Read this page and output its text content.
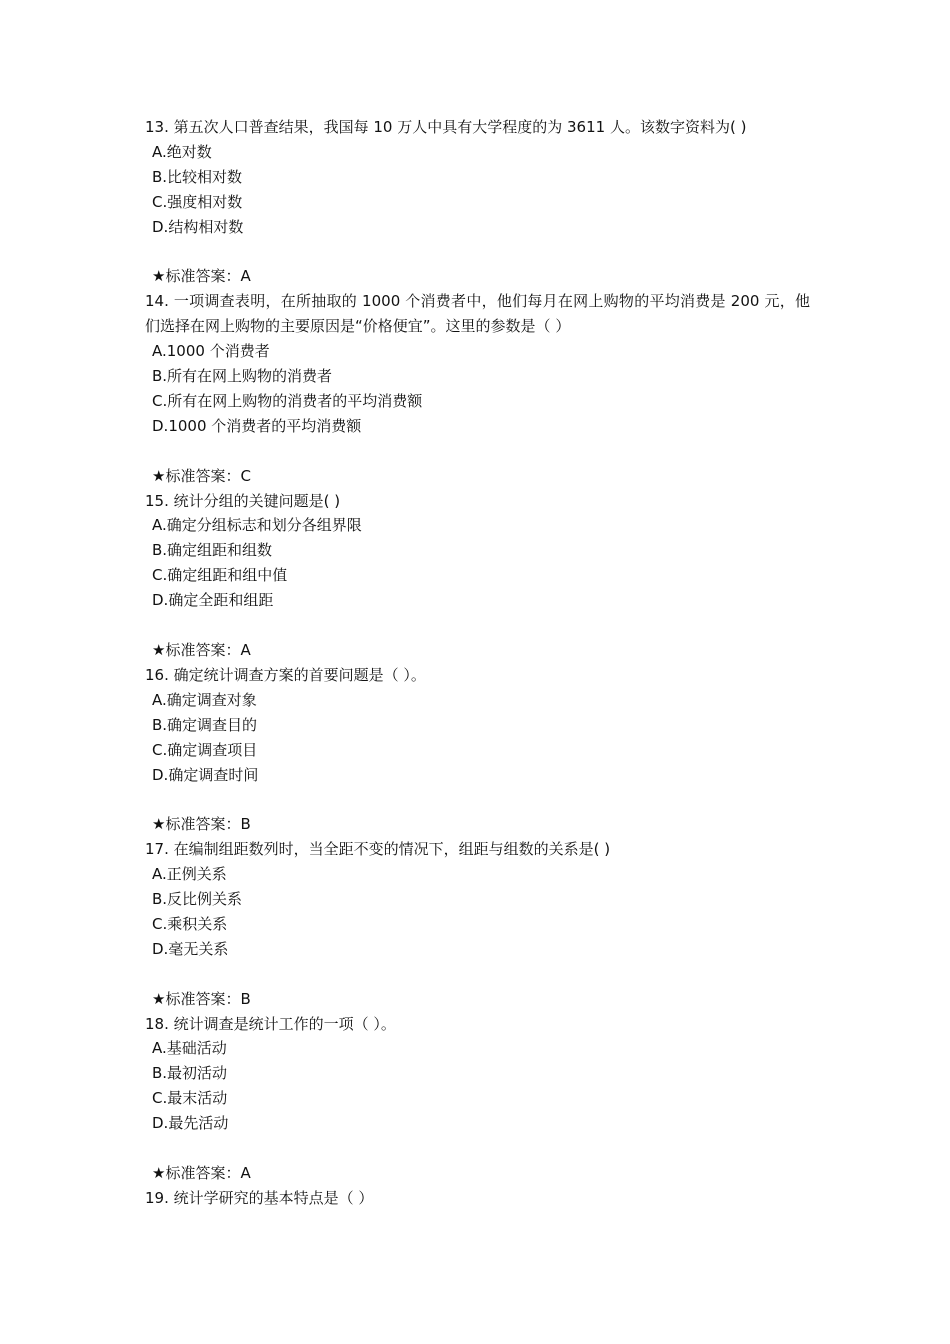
13. 第五次人口普查结果，我国每 10 万人中具有大学程度的为 3611 人。该数字资料为( )
A.绝对数
B.比较相对数
C.强度相对数
D.结构相对数
★标准答案：A
14. 一项调查表明，在所抽取的 1000 个消费者中，他们每月在网上购物的平均消费是 200 元，他们选择在网上购物的主要原因是“价格便宜”。这里的参数是（ ）
A.1000 个消费者
B.所有在网上购物的消费者
C.所有在网上购物的消费者的平均消费额
D.1000 个消费者的平均消费额
★标准答案：C
15. 统计分组的关键问题是( )
A.确定分组标志和划分各组界限
B.确定组距和组数
C.确定组距和组中值
D.确定全距和组距
★标准答案：A
16. 确定统计调查方案的首要问题是（ ）。
A.确定调查对象
B.确定调查目的
C.确定调查项目
D.确定调查时间
★标准答案：B
17. 在编制组距数列时，当全距不变的情况下，组距与组数的关系是( )
A.正例关系
B.反比例关系
C.乘积关系
D.毫无关系
★标准答案：B
18. 统计调查是统计工作的一项（ ）。
A.基础活动
B.最初活动
C.最末活动
D.最先活动
★标准答案：A
19. 统计学研究的基本特点是（ ）
